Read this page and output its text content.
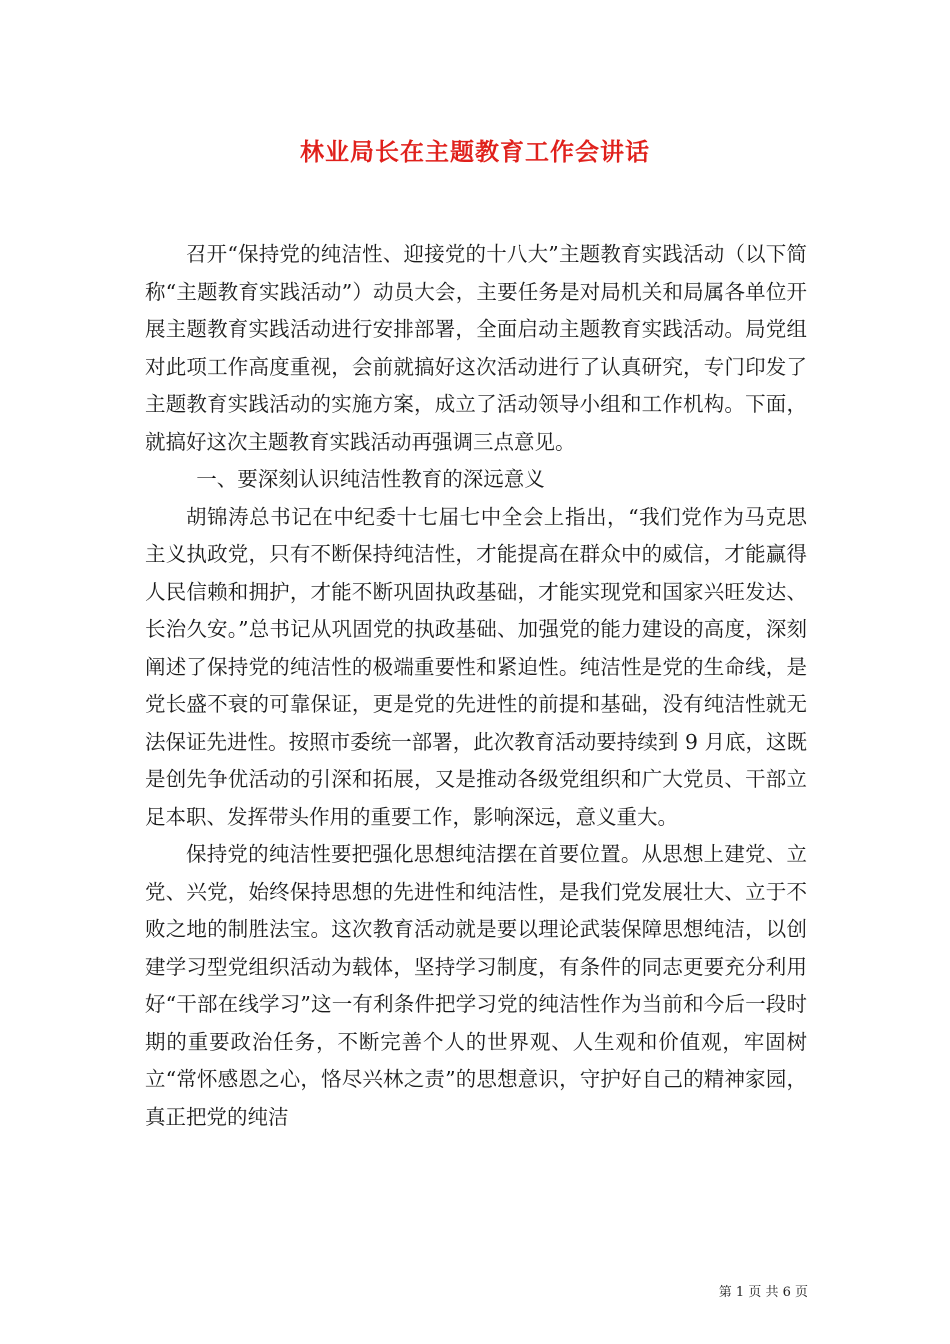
林业局长在主题教育工作会讲话

召开“保持党的纯洁性、迎接党的十八大”主题教育实践活动（以下简称“主题教育实践活动”）动员大会，主要任务是对局机关和局属各单位开展主题教育实践活动进行安排部署，全面启动主题教育实践活动。局党组对此项工作高度重视，会前就搞好这次活动进行了认真研究，专门印发了主题教育实践活动的实施方案，成立了活动领导小组和工作机构。下面，就搞好这次主题教育实践活动再强调三点意见。

一、要深刻认识纯洁性教育的深远意义

胡锦涛总书记在中纪委十七届七中全会上指出，“我们党作为马克思主义执政党，只有不断保持纯洁性，才能提高在群众中的威信，才能赢得人民信赖和拥护，才能不断巩固执政基础，才能实现党和国家兴旺发达、长治久安。”总书记从巩固党的执政基础、加强党的能力建设的高度，深刻阐述了保持党的纯洁性的极端重要性和紧迫性。纯洁性是党的生命线，是党长盛不衰的可靠保证，更是党的先进性的前提和基础，没有纯洁性就无法保证先进性。按照市委统一部署，此次教育活动要持续到 9 月底，这既是创先争优活动的引深和拓展，又是推动各级党组织和广大党员、干部立足本职、发挥带头作用的重要工作，影响深远，意义重大。

保持党的纯洁性要把强化思想纯洁摆在首要位置。从思想上建党、立党、兴党，始终保持思想的先进性和纯洁性，是我们党发展壮大、立于不败之地的制胜法宝。这次教育活动就是要以理论武装保障思想纯洁，以创建学习型党组织活动为载体，坚持学习制度，有条件的同志更要充分利用好“干部在线学习”这一有利条件把学习党的纯洁性作为当前和今后一段时期的重要政治任务，不断完善个人的世界观、人生观和价值观，牢固树立“常怀感恩之心，恪尽兴林之责”的思想意识，守护好自己的精神家园，真正把党的纯洁

第 1 页 共 6 页
